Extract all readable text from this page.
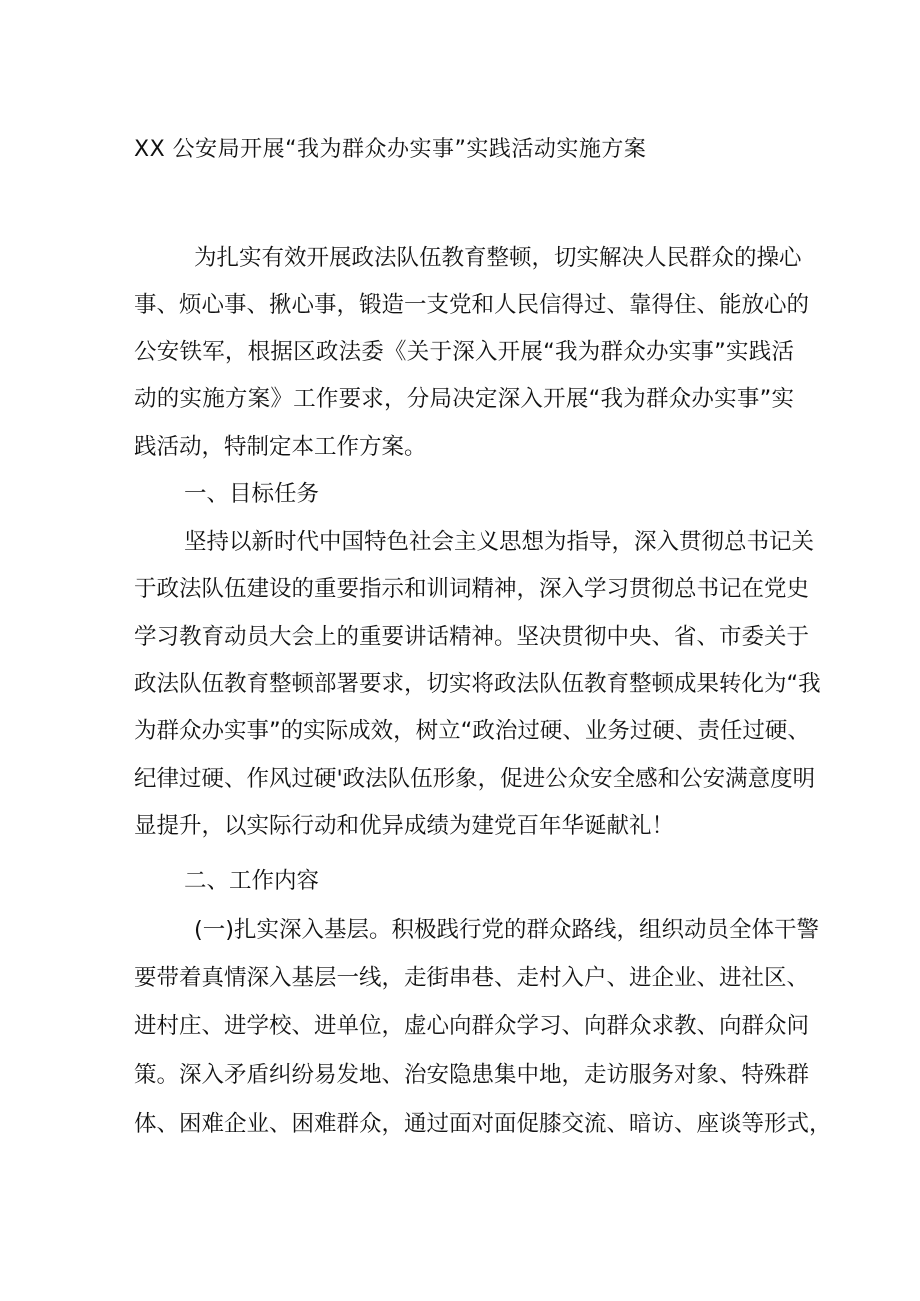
XX 公安局开展“我为群众办实事”实践活动实施方案
为扎实有效开展政法队伍教育整顿，切实解决人民群众的操心
事、烦心事、揪心事，锻造一支党和人民信得过、靠得住、能放心的
公安铁军，根据区政法委《关于深入开展“我为群众办实事”实践活
动的实施方案》工作要求，分局决定深入开展“我为群众办实事”实
践活动，特制定本工作方案。
一、目标任务
坚持以新时代中国特色社会主义思想为指导，深入贯彻总书记关
于政法队伍建设的重要指示和训词精神，深入学习贯彻总书记在党史
学习教育动员大会上的重要讲话精神。坚决贯彻中央、省、市委关于
政法队伍教育整顿部署要求，切实将政法队伍教育整顿成果转化为“我
为群众办实事”的实际成效，树立“政治过硬、业务过硬、责任过硬、
纪律过硬、作风过硬'政法队伍形象，促进公众安全感和公安满意度明
显提升，以实际行动和优异成绩为建党百年华诞献礼！
二、工作内容
(一)扎实深入基层。积极践行党的群众路线，组织动员全体干警
要带着真情深入基层一线，走街串巷、走村入户、进企业、进社区、
进村庄、进学校、进单位，虚心向群众学习、向群众求教、向群众问
策。深入矛盾纠纷易发地、治安隐患集中地，走访服务对象、特殊群
体、困难企业、困难群众，通过面对面促膝交流、暗访、座谈等形式，
